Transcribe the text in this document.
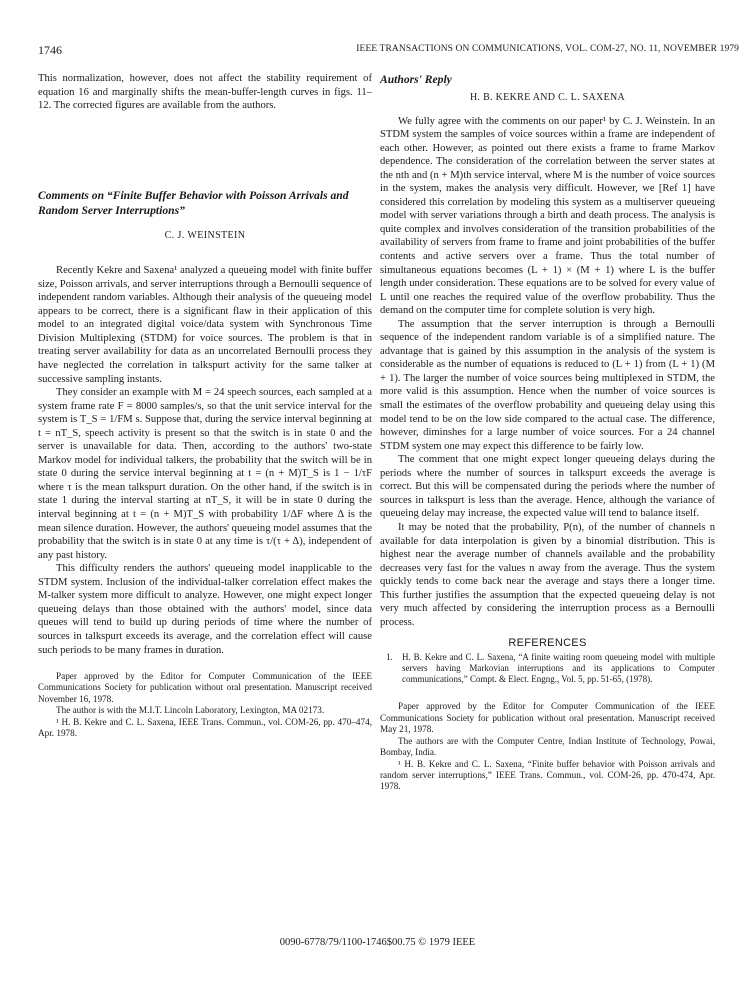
1746	IEEE TRANSACTIONS ON COMMUNICATIONS, VOL. COM-27, NO. 11, NOVEMBER 1979

This normalization, however, does not affect the stability requirement of equation 16 and marginally shifts the mean-buffer-length curves in figs. 11–12. The corrected figures are available from the authors.

Comments on “Finite Buffer Behavior with Poisson Arrivals and Random Server Interruptions”
C. J. WEINSTEIN

Recently Kekre and Saxena¹ analyzed a queueing model with finite buffer size, Poisson arrivals, and server interruptions through a Bernoulli sequence of independent random variables. Although their analysis of the queueing model appears to be correct, there is a significant flaw in their application of this model to an integrated digital voice/data system with Synchronous Time Division Multiplexing (STDM) for voice sources. The problem is that in treating server availability for data as an uncorrelated Bernoulli process they have neglected the correlation in talkspurt activity for the same talker at successive sampling instants.

They consider an example with M = 24 speech sources, each sampled at a system frame rate F = 8000 samples/s, so that the unit service interval for the system is T_S = 1/FM s. Suppose that, during the service interval beginning at t = nT_S, speech activity is present so that the switch is in state 0 and the server is unavailable for data. Then, according to the authors' two-state Markov model for individual talkers, the probability that the switch will be in state 0 during the service interval beginning at t = (n + M)T_S is 1 − 1/τF where τ is the mean talkspurt duration. On the other hand, if the switch is in state 1 during the interval starting at nT_S, it will be in state 0 during the interval beginning at t = (n + M)T_S with probability 1/ΔF where Δ is the mean silence duration. However, the authors' queueing model assumes that the probability that the switch is in state 0 at any time is τ/(τ + Δ), independent of any past history.

This difficulty renders the authors' queueing model inapplicable to the STDM system. Inclusion of the individual-talker correlation effect makes the M-talker system more difficult to analyze. However, one might expect longer queueing delays than those obtained with the authors' model, since data queues will tend to build up during periods of time where the number of sources in talkspurt exceeds its average, and the correlation effect will cause such periods to be many frames in duration.

Paper approved by the Editor for Computer Communication of the IEEE Communications Society for publication without oral presentation. Manuscript received November 16, 1978.

The author is with the M.I.T. Lincoln Laboratory, Lexington, MA 02173.

¹ H. B. Kekre and C. L. Saxena, IEEE Trans. Commun., vol. COM-26, pp. 470–474, Apr. 1978.

Authors' Reply
H. B. KEKRE AND C. L. SAXENA

We fully agree with the comments on our paper¹ by C. J. Weinstein. In an STDM system the samples of voice sources within a frame are independent of each other. However, as pointed out there exists a frame to frame Markov dependence. The consideration of the correlation between the server states at the nth and (n + M)th service interval, where M is the number of voice sources in the system, makes the analysis very difficult. However, we [Ref 1] have considered this correlation by modeling this system as a multiserver queueing model with server variations through a birth and death process. The analysis is quite complex and involves consideration of the transition probabilities of the availability of servers from frame to frame and joint probabilities of the buffer contents and active servers over a frame. Thus the total number of simultaneous equations becomes (L + 1) × (M + 1) where L is the buffer length under consideration. These equations are to be solved for every value of L until one reaches the required value of the overflow probability. Thus the demand on the computer time for complete solution is very high.

The assumption that the server interruption is through a Bernoulli sequence of the independent random variable is of a simplified nature. The advantage that is gained by this assumption in the analysis of the system is considerable as the number of equations is reduced to (L + 1) from (L + 1) (M + 1). The larger the number of voice sources being multiplexed in STDM, the more valid is this assumption. Hence when the number of voice sources is small the estimates of the overflow probability and queueing delay using this model tend to be on the low side compared to the actual case. The difference, however, diminshes for a large number of voice sources. For a 24 channel STDM system one may expect this difference to be fairly low.

The comment that one might expect longer queueing delays during the periods where the number of sources in talkspurt exceeds the average is correct. But this will be compensated during the periods where the number of sources in talkspurt is less than the average. Hence, although the variance of queueing delay may increase, the expected value will tend to balance itself.

It may be noted that the probability, P(n), of the number of channels n available for data interpolation is given by a binomial distribution. This is highest near the average number of channels available and the probability decreases very fast for the values n away from the average. Thus the system quickly tends to come back near the average and stays there a longer time. This further justifies the assumption that the expected queueing delay is not very much affected by considering the interruption process as a Bernoulli process.

REFERENCES
1.	H. B. Kekre and C. L. Saxena, “A finite waiting room queueing model with multiple servers having Markovian interruptions and its applications to Computer communications,” Compt. & Elect. Engng., Vol. 5, pp. 51-65, (1978).

Paper approved by the Editor for Computer Communication of the IEEE Communications Society for publication without oral presentation. Manuscript received May 21, 1978.

The authors are with the Computer Centre, Indian Institute of Technology, Powai, Bombay, India.

¹ H. B. Kekre and C. L. Saxena, “Finite buffer behavior with Poisson arrivals and random server interruptions,” IEEE Trans. Commun., vol. COM-26, pp. 470-474, Apr. 1978.

0090-6778/79/1100-1746$00.75 © 1979 IEEE
